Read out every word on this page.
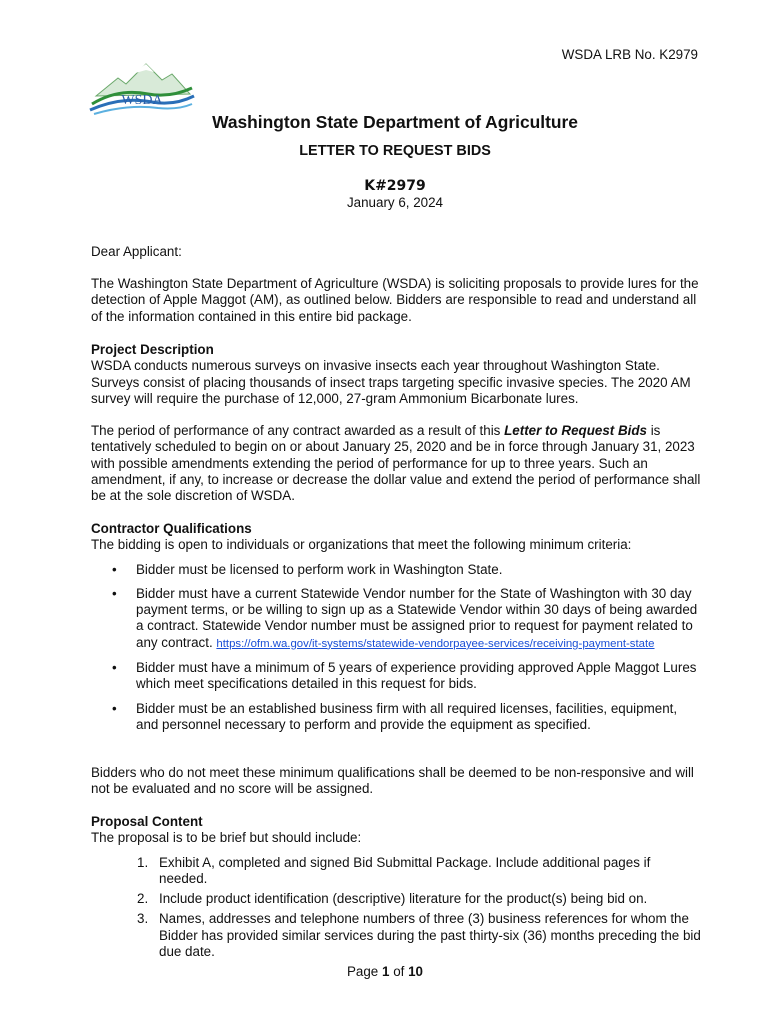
WSDA LRB No. K2979
WSDA
Washington State Department of Agriculture
LETTER TO REQUEST BIDS
K#2979
January 6, 2024
Dear Applicant:
The Washington State Department of Agriculture (WSDA) is soliciting proposals to provide lures for the detection of Apple Maggot (AM), as outlined below. Bidders are responsible to read and understand all of the information contained in this entire bid package.

Project Description

WSDA conducts numerous surveys on invasive insects each year throughout Washington State. Surveys consist of placing thousands of insect traps targeting specific invasive species. The 2020 AM survey will require the purchase of 12,000, 27-gram Ammonium Bicarbonate lures.

The period of performance of any contract awarded as a result of this Letter to Request Bids is tentatively scheduled to begin on or about January 25, 2020 and be in force through January 31, 2023 with possible amendments extending the period of performance for up to three years. Such an amendment, if any, to increase or decrease the dollar value and extend the period of performance shall be at the sole discretion of WSDA.

Contractor Qualifications

The bidding is open to individuals or organizations that meet the following minimum criteria:

• Bidder must be licensed to perform work in Washington State.
• Bidder must have a current Statewide Vendor number for the State of Washington with 30 day payment terms, or be willing to sign up as a Statewide Vendor within 30 days of being awarded a contract. Statewide Vendor number must be assigned prior to request for payment related to any contract. https://ofm.wa.gov/it-systems/statewide-vendorpayee-services/receiving-payment-state
• Bidder must have a minimum of 5 years of experience providing approved Apple Maggot Lures which meet specifications detailed in this request for bids.
• Bidder must be an established business firm with all required licenses, facilities, equipment, and personnel necessary to perform and provide the equipment as specified.
Bidders who do not meet these minimum qualifications shall be deemed to be non-responsive and will not be evaluated and no score will be assigned.

Proposal Content

The proposal is to be brief but should include:

1. Exhibit A, completed and signed Bid Submittal Package. Include additional pages if needed.
2. Include product identification (descriptive) literature for the product(s) being bid on.
3. Names, addresses and telephone numbers of three (3) business references for whom the Bidder has provided similar services during the past thirty-six (36) months preceding the bid due date.
Page 1 of 10
